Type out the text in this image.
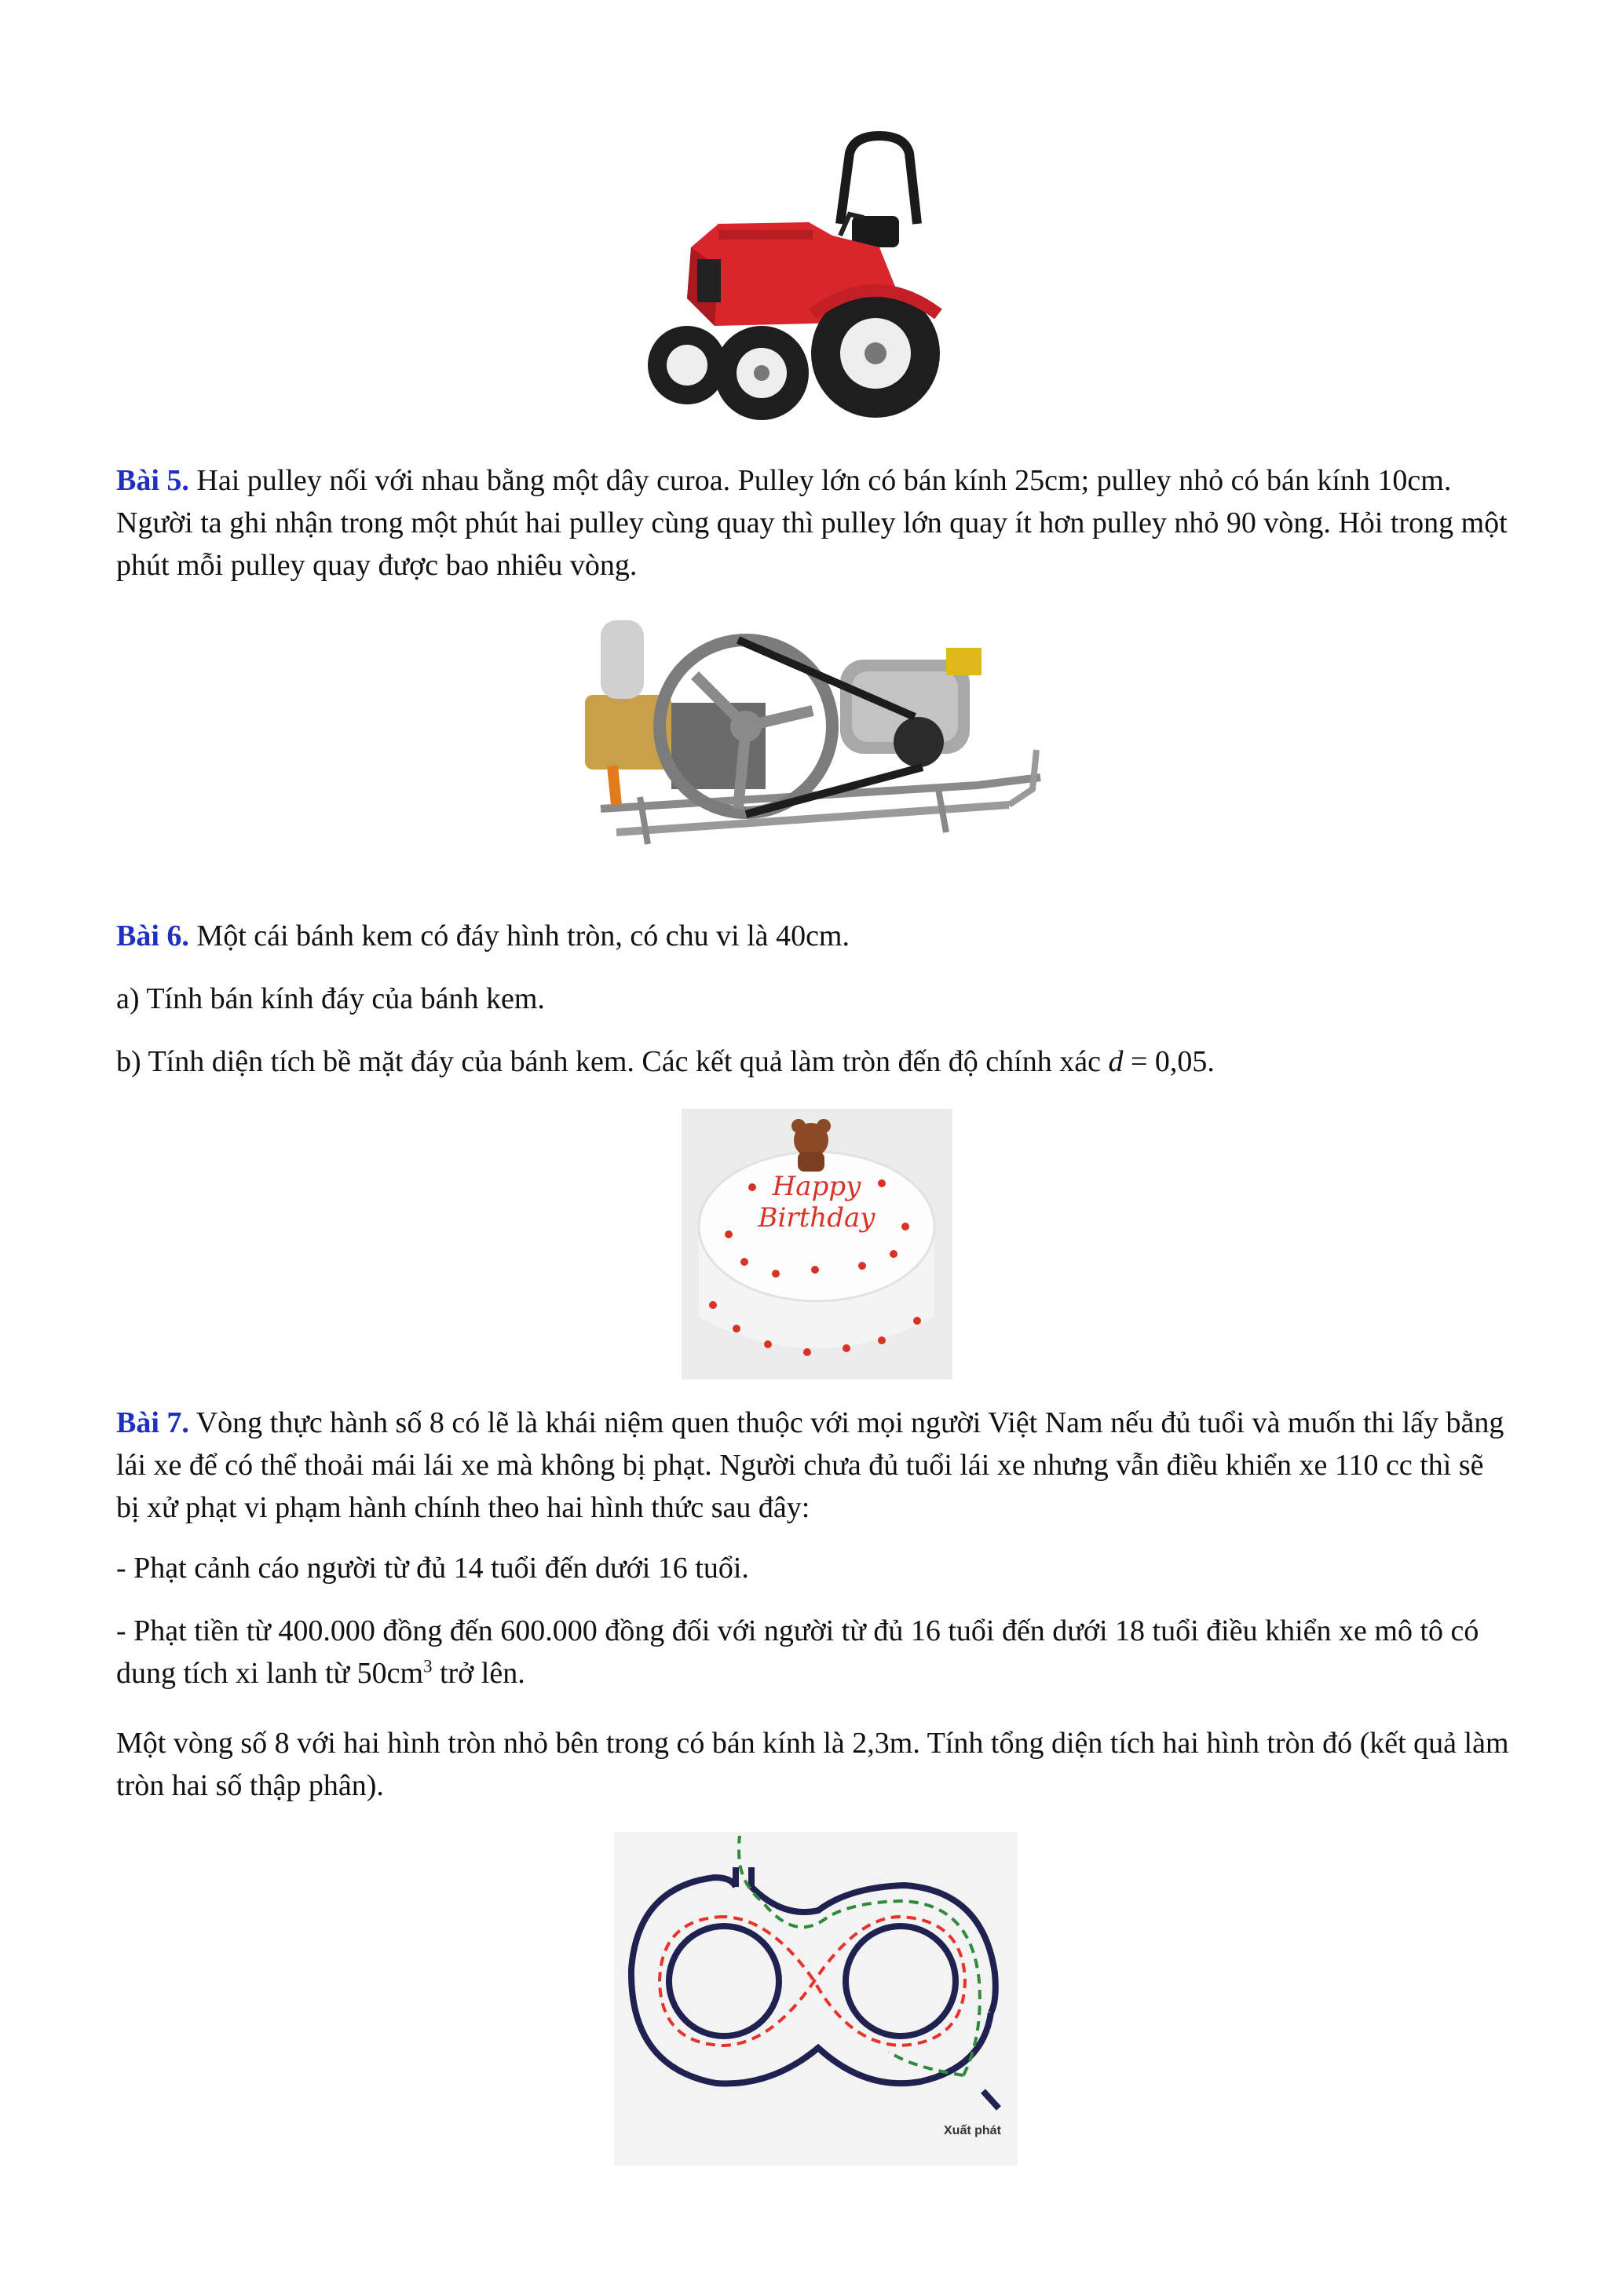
Bài 5. Hai pulley nối với nhau bằng một dây curoa. Pulley lớn có bán kính 25cm; pulley nhỏ có bán kính 10cm. Người ta ghi nhận trong một phút hai pulley cùng quay thì pulley lớn quay ít hơn pulley nhỏ 90 vòng. Hỏi trong một phút mỗi pulley quay được bao nhiêu vòng.

Bài 6. Một cái bánh kem có đáy hình tròn, có chu vi là 40cm.

a) Tính bán kính đáy của bánh kem.

b) Tính diện tích bề mặt đáy của bánh kem. Các kết quả làm tròn đến độ chính xác d = 0,05.

Happy
Birthday

Bài 7. Vòng thực hành số 8 có lẽ là khái niệm quen thuộc với mọi người Việt Nam nếu đủ tuổi và muốn thi lấy bằng lái xe để có thể thoải mái lái xe mà không bị phạt. Người chưa đủ tuổi lái xe nhưng vẫn điều khiển xe 110 cc thì sẽ bị xử phạt vi phạm hành chính theo hai hình thức sau đây:

- Phạt cảnh cáo người từ đủ 14 tuổi đến dưới 16 tuổi.

- Phạt tiền từ 400.000 đồng đến 600.000 đồng đối với người từ đủ 16 tuổi đến dưới 18 tuổi điều khiển xe mô tô có dung tích xi lanh từ $50cm^3$ trở lên.

Một vòng số 8 với hai hình tròn nhỏ bên trong có bán kính là 2,3m. Tính tổng diện tích hai hình tròn đó (kết quả làm tròn hai số thập phân).

Xuất phát
